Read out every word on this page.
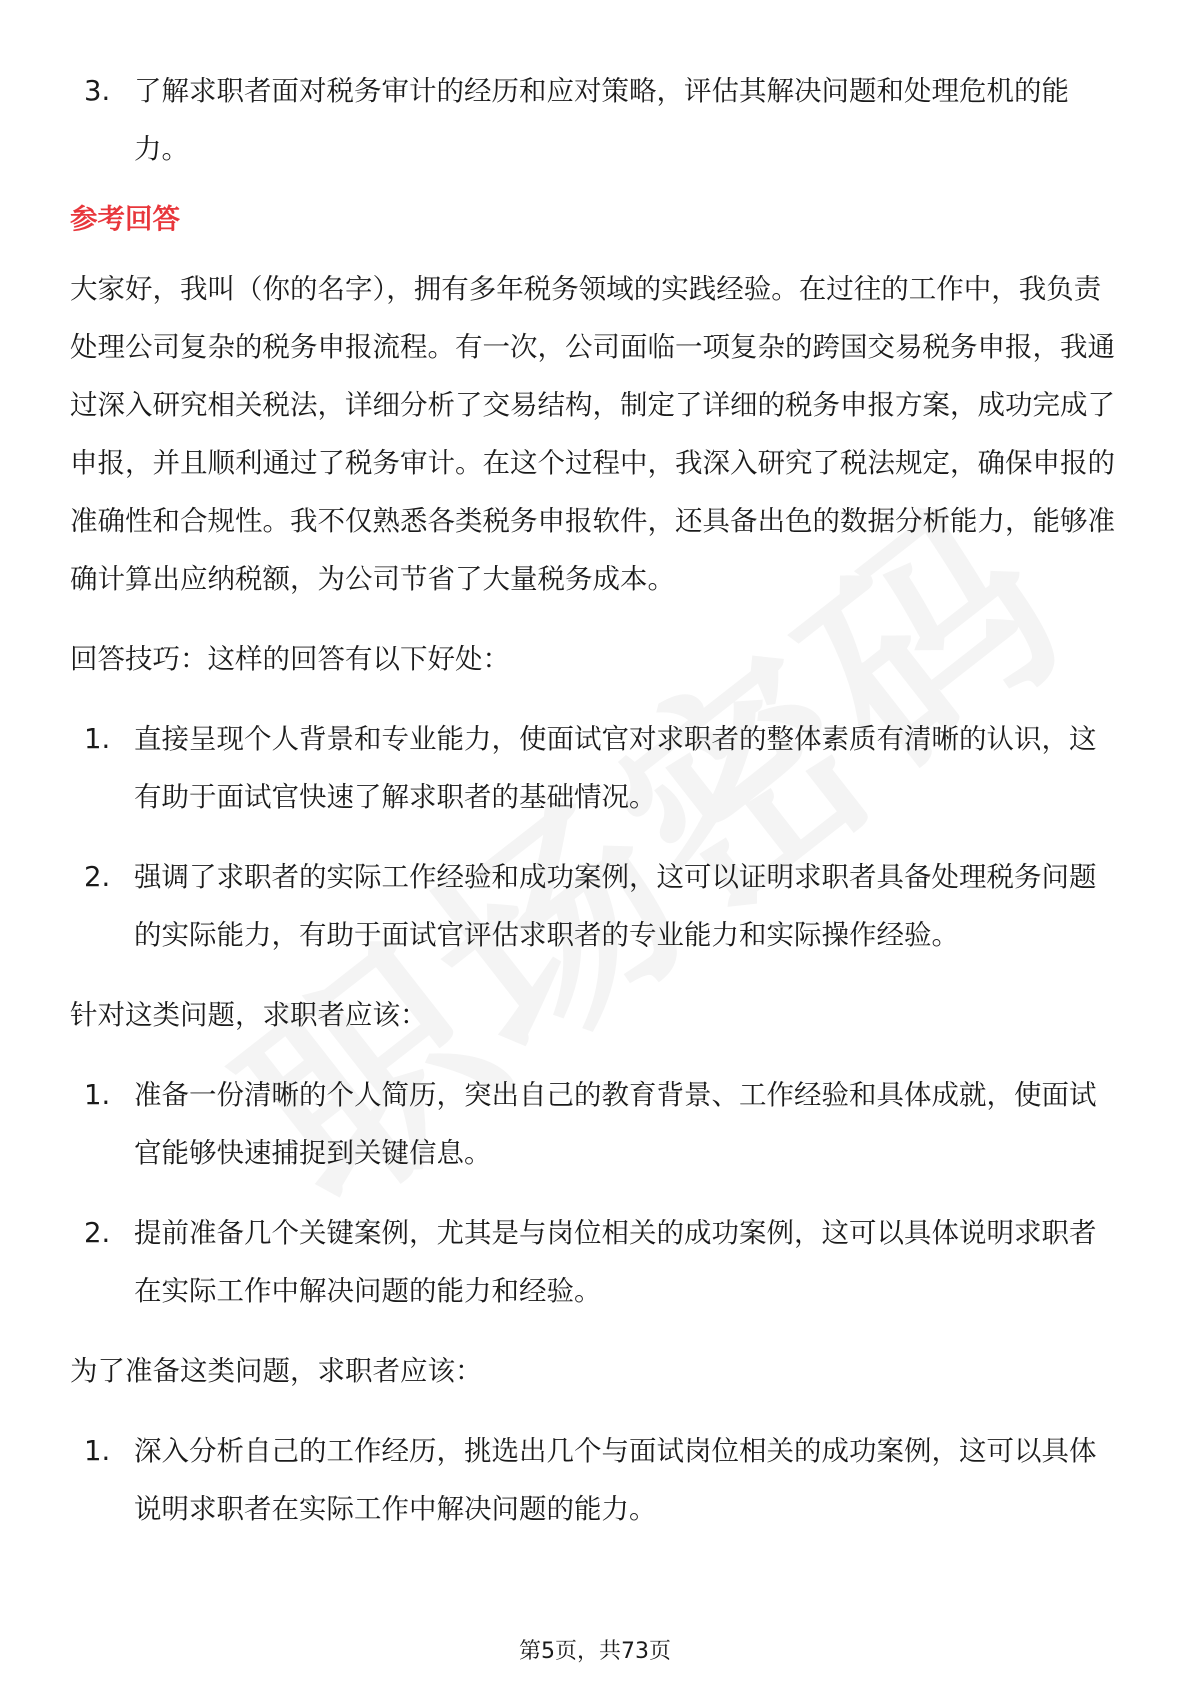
3. 了解求职者面对税务审计的经历和应对策略，评估其解决问题和处理危机的能力。
参考回答
大家好，我叫（你的名字），拥有多年税务领域的实践经验。在过往的工作中，我负责处理公司复杂的税务申报流程。有一次，公司面临一项复杂的跨国交易税务申报，我通过深入研究相关税法，详细分析了交易结构，制定了详细的税务申报方案，成功完成了申报，并且顺利通过了税务审计。在这个过程中，我深入研究了税法规定，确保申报的准确性和合规性。我不仅熟悉各类税务申报软件，还具备出色的数据分析能力，能够准确计算出应纳税额，为公司节省了大量税务成本。
回答技巧：这样的回答有以下好处：
1. 直接呈现个人背景和专业能力，使面试官对求职者的整体素质有清晰的认识，这有助于面试官快速了解求职者的基础情况。
2. 强调了求职者的实际工作经验和成功案例，这可以证明求职者具备处理税务问题的实际能力，有助于面试官评估求职者的专业能力和实际操作经验。
针对这类问题，求职者应该：
1. 准备一份清晰的个人简历，突出自己的教育背景、工作经验和具体成就，使面试官能够快速捕捉到关键信息。
2. 提前准备几个关键案例，尤其是与岗位相关的成功案例，这可以具体说明求职者在实际工作中解决问题的能力和经验。
为了准备这类问题，求职者应该：
1. 深入分析自己的工作经历，挑选出几个与面试岗位相关的成功案例，这可以具体说明求职者在实际工作中解决问题的能力。
第5页，共73页
